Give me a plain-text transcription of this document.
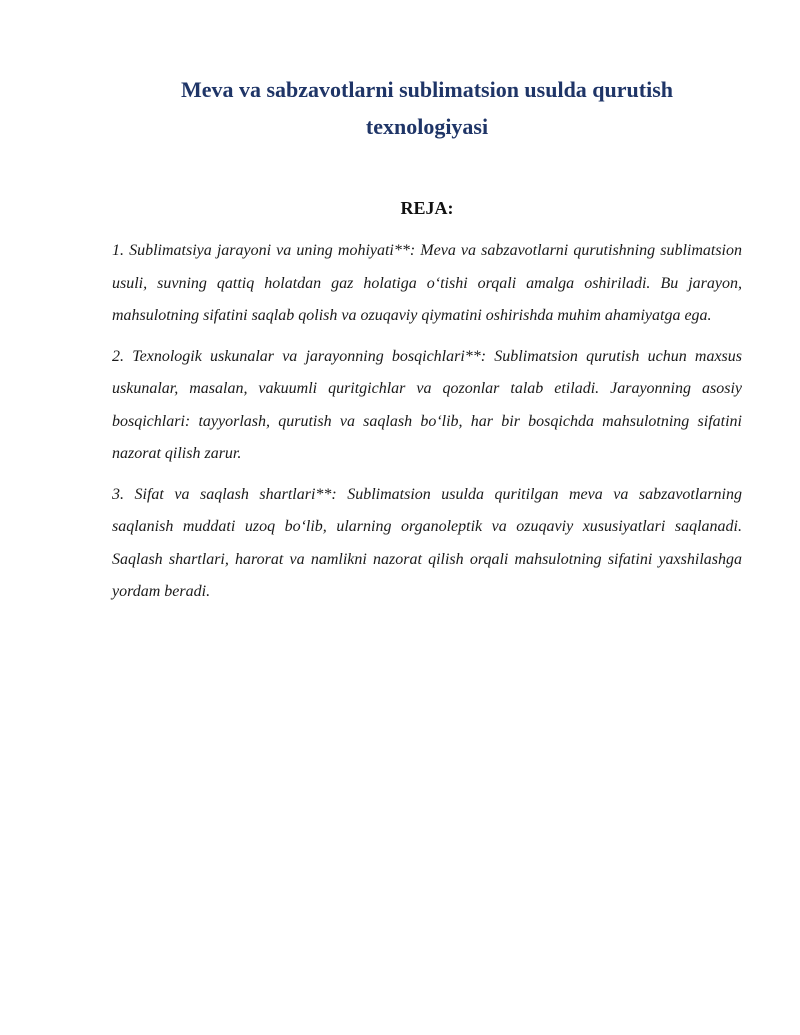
Meva va sabzavotlarni sublimatsion usulda qurutish
texnologiyasi
REJA:

1. Sublimatsiya jarayoni va uning mohiyati**: Meva va sabzavotlarni qurutishning sublimatsion usuli, suvning qattiq holatdan gaz holatiga o‘tishi orqali amalga oshiriladi. Bu jarayon, mahsulotning sifatini saqlab qolish va ozuqaviy qiymatini oshirishda muhim ahamiyatga ega.

2. Texnologik uskunalar va jarayonning bosqichlari**: Sublimatsion qurutish uchun maxsus uskunalar, masalan, vakuumli quritgichlar va qozonlar talab etiladi. Jarayonning asosiy bosqichlari: tayyorlash, qurutish va saqlash bo‘lib, har bir bosqichda mahsulotning sifatini nazorat qilish zarur.

3. Sifat va saqlash shartlari**: Sublimatsion usulda quritilgan meva va sabzavotlarning saqlanish muddati uzoq bo‘lib, ularning organoleptik va ozuqaviy xususiyatlari saqlanadi. Saqlash shartlari, harorat va namlikni nazorat qilish orqali mahsulotning sifatini yaxshilashga yordam beradi.
